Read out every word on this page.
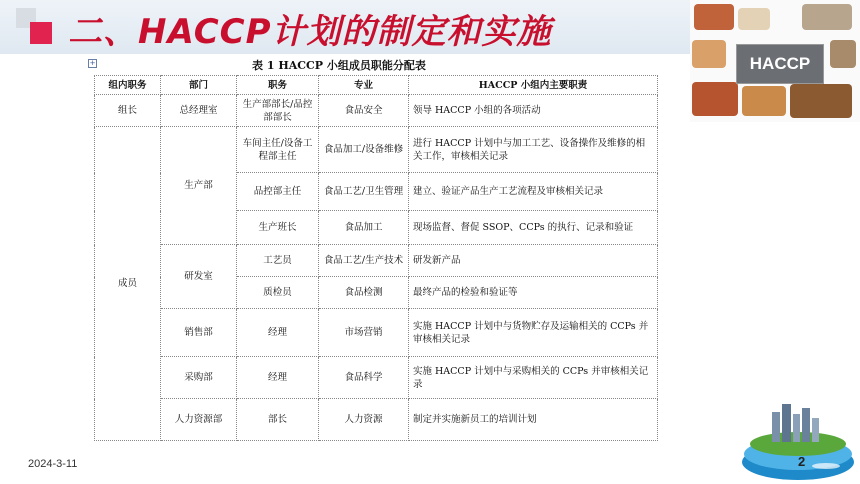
二、HACCP计划的制定和实施
HACCP
+	表 1 HACCP 小组成员职能分配表
组内职务	部门	职务	专业	HACCP 小组内主要职责
组长	总经理室	生产部部长/品控部部长	食品安全	领导 HACCP 小组的各项活动
成员	生产部	车间主任/设备工程部主任	食品加工/设备维修	进行 HACCP 计划中与加工工艺、设备操作及维修的相关工作，审核相关记录
		品控部主任	食品工艺/卫生管理	建立、验证产品生产工艺流程及审核相关记录
		生产班长	食品加工	现场监督、督促 SSOP、CCPs 的执行、记录和验证
	研发室	工艺员	食品工艺/生产技术	研发新产品
		质检员	食品检测	最终产品的检验和验证等
	销售部	经理	市场营销	实施 HACCP 计划中与货物贮存及运输相关的 CCPs 并审核相关记录
	采购部	经理	食品科学	实施 HACCP 计划中与采购相关的 CCPs 并审核相关记录
	人力资源部	部长	人力资源	制定并实施新员工的培训计划
2024-3-11	2
